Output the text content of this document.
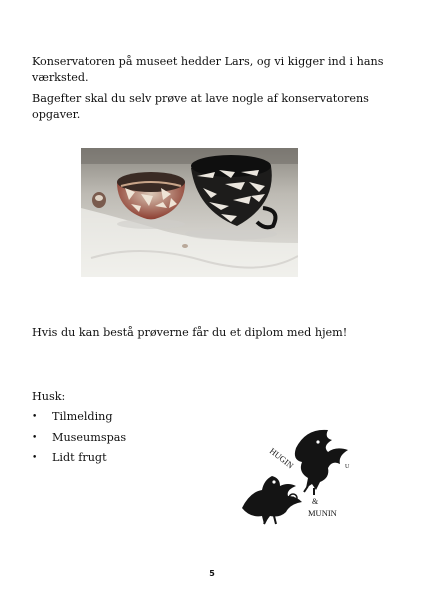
Konservatoren på museet hedder Lars, og vi kigger ind i hans værksted.

Bagefter skal du selv prøve at lave nogle af konservatorens opgaver.

Hvis du kan bestå prøverne får du et diplom med hjem!

Husk:

• Tilmelding
• Museumspas
• Lidt frugt	HUGIN	U
&
MUNIN
5
